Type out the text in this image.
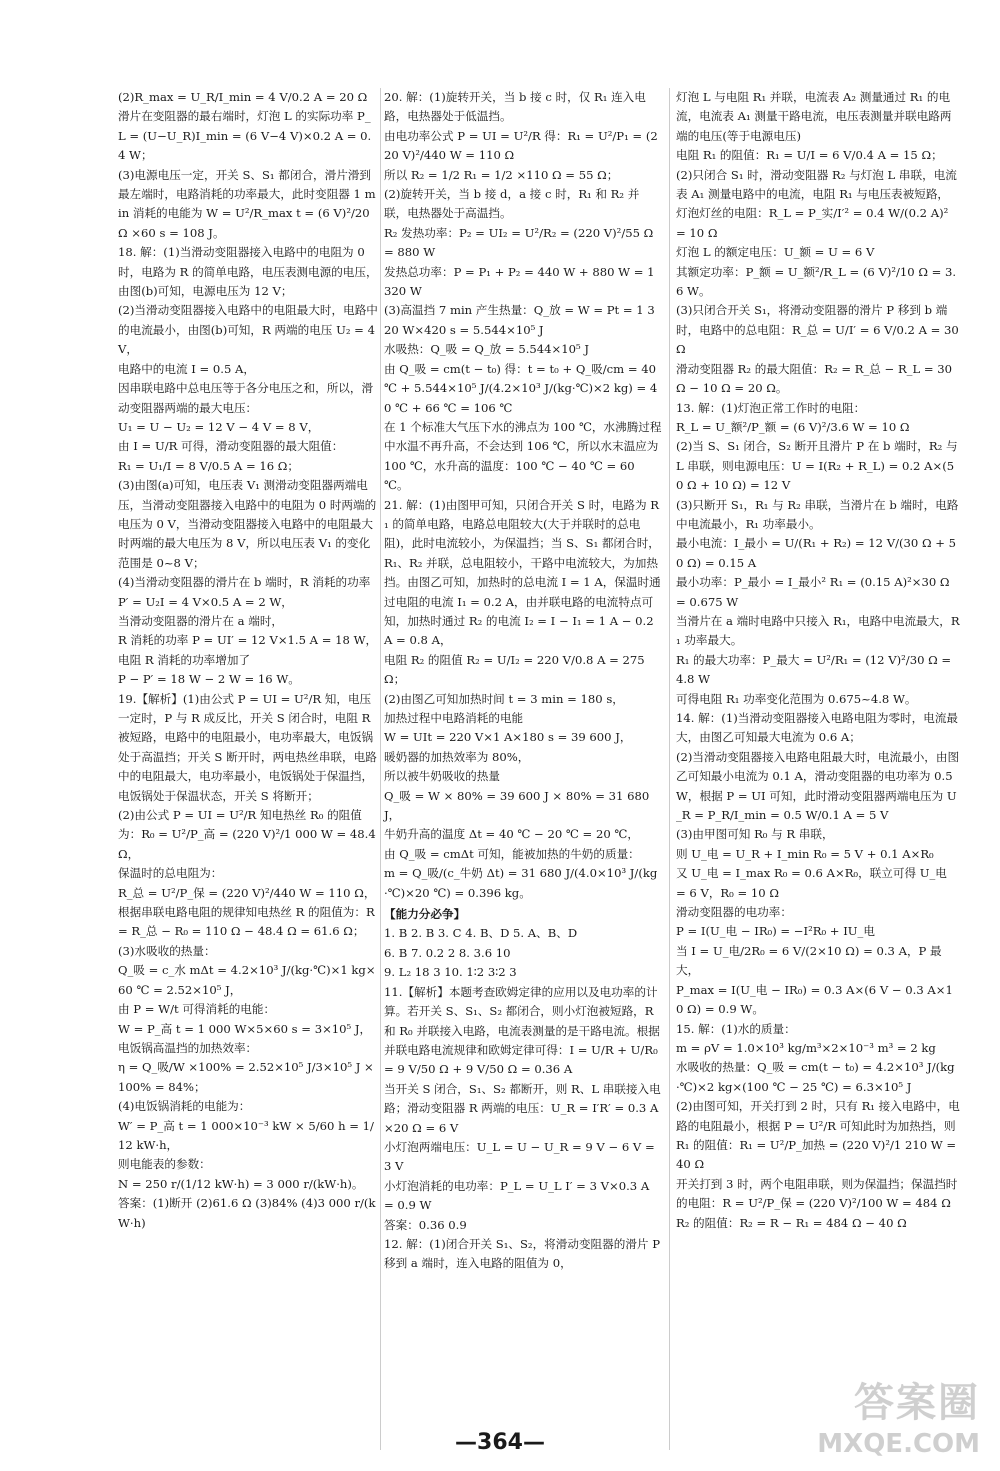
(2)R_max = U_R/I_min = 4 V/0.2 A = 20 Ω

滑片在变阻器的最右端时，灯泡 L 的实际功率 P_L = (U−U_R)I_min = (6 V−4 V)×0.2 A = 0.4 W；

(3)电源电压一定，开关 S、S₁ 都闭合，滑片滑到最左端时，电路消耗的功率最大，此时变阻器 1 min 消耗的电能为 W = U²/R_max t = (6 V)²/20 Ω ×60 s = 108 J。

18. 解：(1)当滑动变阻器接入电路中的电阻为 0 时，电路为 R 的简单电路，电压表测电源的电压，由图(b)可知，电源电压为 12 V；

(2)当滑动变阻器接入电路中的电阻最大时，电路中的电流最小，由图(b)可知，R 两端的电压 U₂ = 4 V，

电路中的电流 I = 0.5 A，

因串联电路中总电压等于各分电压之和，所以，滑动变阻器两端的最大电压：

U₁ = U − U₂ = 12 V − 4 V = 8 V，

由 I = U/R 可得，滑动变阻器的最大阻值：

R₁ = U₁/I = 8 V/0.5 A = 16 Ω；

(3)由图(a)可知，电压表 V₁ 测滑动变阻器两端电压，当滑动变阻器接入电路中的电阻为 0 时两端的电压为 0 V，当滑动变阻器接入电路中的电阻最大时两端的最大电压为 8 V，所以电压表 V₁ 的变化范围是 0~8 V；

(4)当滑动变阻器的滑片在 b 端时，R 消耗的功率 P′ = U₂I = 4 V×0.5 A = 2 W，

当滑动变阻器的滑片在 a 端时，

R 消耗的功率 P = UI′ = 12 V×1.5 A = 18 W，

电阻 R 消耗的功率增加了

P − P′ = 18 W − 2 W = 16 W。

19.【解析】(1)由公式 P = UI = U²/R 知，电压一定时，P 与 R 成反比，开关 S 闭合时，电阻 R 被短路，电路中的电阻最小，电功率最大，电饭锅处于高温挡；开关 S 断开时，两电热丝串联，电路中的电阻最大，电功率最小，电饭锅处于保温挡，电饭锅处于保温状态，开关 S 将断开；

(2)由公式 P = UI = U²/R 知电热丝 R₀ 的阻值为：R₀ = U²/P_高 = (220 V)²/1 000 W = 48.4 Ω，

保温时的总电阻为：

R_总 = U²/P_保 = (220 V)²/440 W = 110 Ω，

根据串联电路电阻的规律知电热丝 R 的阻值为：R = R_总 − R₀ = 110 Ω − 48.4 Ω = 61.6 Ω；

(3)水吸收的热量：

Q_吸 = c_水 mΔt = 4.2×10³ J/(kg·℃)×1 kg×60 ℃ = 2.52×10⁵ J，

由 P = W/t 可得消耗的电能：

W = P_高 t = 1 000 W×5×60 s = 3×10⁵ J，

电饭锅高温挡的加热效率：

η = Q_吸/W ×100% = 2.52×10⁵ J/3×10⁵ J ×100% = 84%；

(4)电饭锅消耗的电能为：

W′ = P_高 t = 1 000×10⁻³ kW × 5/60 h = 1/12 kW·h，

则电能表的参数：

N = 250 r/(1/12 kW·h) = 3 000 r/(kW·h)。

答案：(1)断开 (2)61.6 Ω (3)84% (4)3 000 r/(kW·h)

20. 解：(1)旋转开关，当 b 接 c 时，仅 R₁ 连入电路，电热器处于低温挡。

由电功率公式 P = UI = U²/R 得：R₁ = U²/P₁ = (220 V)²/440 W = 110 Ω

所以 R₂ = 1/2 R₁ = 1/2 ×110 Ω = 55 Ω；

(2)旋转开关，当 b 接 d，a 接 c 时，R₁ 和 R₂ 并联，电热器处于高温挡。

R₂ 发热功率：P₂ = UI₂ = U²/R₂ = (220 V)²/55 Ω = 880 W

发热总功率：P = P₁ + P₂ = 440 W + 880 W = 1 320 W

(3)高温挡 7 min 产生热量：Q_放 = W = Pt = 1 320 W×420 s = 5.544×10⁵ J

水吸热：Q_吸 = Q_放 = 5.544×10⁵ J

由 Q_吸 = cm(t − t₀) 得：t = t₀ + Q_吸/cm = 40 ℃ + 5.544×10⁵ J/(4.2×10³ J/(kg·℃)×2 kg) = 40 ℃ + 66 ℃ = 106 ℃

在 1 个标准大气压下水的沸点为 100 ℃，水沸腾过程中水温不再升高，不会达到 106 ℃，所以水末温应为 100 ℃，水升高的温度：100 ℃ − 40 ℃ = 60 ℃。

21. 解：(1)由图甲可知，只闭合开关 S 时，电路为 R₁ 的简单电路，电路总电阻较大(大于并联时的总电阻)，此时电流较小，为保温挡；当 S、S₁ 都闭合时，R₁、R₂ 并联，总电阻较小，干路中电流较大，为加热挡。由图乙可知，加热时的总电流 I = 1 A，保温时通过电阻的电流 I₁ = 0.2 A，由并联电路的电流特点可知，加热时通过 R₂ 的电流 I₂ = I − I₁ = 1 A − 0.2 A = 0.8 A，

电阻 R₂ 的阻值 R₂ = U/I₂ = 220 V/0.8 A = 275 Ω；

(2)由图乙可知加热时间 t = 3 min = 180 s，

加热过程中电路消耗的电能

W = UIt = 220 V×1 A×180 s = 39 600 J，

暖奶器的加热效率为 80%，

所以被牛奶吸收的热量

Q_吸 = W × 80% = 39 600 J × 80% = 31 680 J，

牛奶升高的温度 Δt = 40 ℃ − 20 ℃ = 20 ℃，

由 Q_吸 = cmΔt 可知，能被加热的牛奶的质量：

m = Q_吸/(c_牛奶 Δt) = 31 680 J/(4.0×10³ J/(kg·℃)×20 ℃) = 0.396 kg。

【能力分必争】

1. B 2. B 3. C 4. B、D 5. A、B、D

6. B 7. 0.2 2 8. 3.6 10

9. L₂ 18 3 10. 1∶2 3∶2 3

11.【解析】本题考查欧姆定律的应用以及电功率的计算。若开关 S、S₁、S₂ 都闭合，则小灯泡被短路，R 和 R₀ 并联接入电路，电流表测量的是干路电流。根据并联电路电流规律和欧姆定律可得：I = U/R + U/R₀ = 9 V/50 Ω + 9 V/50 Ω = 0.36 A

当开关 S 闭合，S₁、S₂ 都断开，则 R、L 串联接入电路；滑动变阻器 R 两端的电压：U_R = I′R′ = 0.3 A×20 Ω = 6 V

小灯泡两端电压：U_L = U − U_R = 9 V − 6 V = 3 V

小灯泡消耗的电功率：P_L = U_L I′ = 3 V×0.3 A = 0.9 W

答案：0.36 0.9

12. 解：(1)闭合开关 S₁、S₂，将滑动变阻器的滑片 P 移到 a 端时，连入电路的阻值为 0，

灯泡 L 与电阻 R₁ 并联，电流表 A₂ 测量通过 R₁ 的电流，电流表 A₁ 测量干路电流，电压表测量并联电路两端的电压(等于电源电压)

电阻 R₁ 的阻值：R₁ = U/I = 6 V/0.4 A = 15 Ω；

(2)只闭合 S₁ 时，滑动变阻器 R₂ 与灯泡 L 串联，电流表 A₁ 测量电路中的电流，电阻 R₁ 与电压表被短路，

灯泡灯丝的电阻：R_L = P_实/I′² = 0.4 W/(0.2 A)² = 10 Ω

灯泡 L 的额定电压：U_额 = U = 6 V

其额定功率：P_额 = U_额²/R_L = (6 V)²/10 Ω = 3.6 W。

(3)只闭合开关 S₁，将滑动变阻器的滑片 P 移到 b 端时，电路中的总电阻：R_总 = U/I′ = 6 V/0.2 A = 30 Ω

滑动变阻器 R₂ 的最大阻值：R₂ = R_总 − R_L = 30 Ω − 10 Ω = 20 Ω。

13. 解：(1)灯泡正常工作时的电阻：

R_L = U_额²/P_额 = (6 V)²/3.6 W = 10 Ω

(2)当 S、S₁ 闭合，S₂ 断开且滑片 P 在 b 端时，R₂ 与 L 串联，则电源电压：U = I(R₂ + R_L) = 0.2 A×(50 Ω + 10 Ω) = 12 V

(3)只断开 S₁，R₁ 与 R₂ 串联，当滑片在 b 端时，电路中电流最小，R₁ 功率最小。

最小电流：I_最小 = U/(R₁ + R₂) = 12 V/(30 Ω + 50 Ω) = 0.15 A

最小功率：P_最小 = I_最小² R₁ = (0.15 A)²×30 Ω = 0.675 W

当滑片在 a 端时电路中只接入 R₁，电路中电流最大，R₁ 功率最大。

R₁ 的最大功率：P_最大 = U²/R₁ = (12 V)²/30 Ω = 4.8 W

可得电阻 R₁ 功率变化范围为 0.675~4.8 W。

14. 解：(1)当滑动变阻器接入电路电阻为零时，电流最大，由图乙可知最大电流为 0.6 A；

(2)当滑动变阻器接入电路电阻最大时，电流最小，由图乙可知最小电流为 0.1 A，滑动变阻器的电功率为 0.5 W，根据 P = UI 可知，此时滑动变阻器两端电压为 U_R = P_R/I_min = 0.5 W/0.1 A = 5 V

(3)由甲图可知 R₀ 与 R 串联，

则 U_电 = U_R + I_min R₀ = 5 V + 0.1 A×R₀

又 U_电 = I_max R₀ = 0.6 A×R₀，联立可得 U_电 = 6 V，R₀ = 10 Ω

滑动变阻器的电功率：

P = I(U_电 − IR₀) = −I²R₀ + IU_电

当 I = U_电/2R₀ = 6 V/(2×10 Ω) = 0.3 A，P 最大，

P_max = I(U_电 − IR₀) = 0.3 A×(6 V − 0.3 A×10 Ω) = 0.9 W。

15. 解：(1)水的质量：

m = ρV = 1.0×10³ kg/m³×2×10⁻³ m³ = 2 kg

水吸收的热量：Q_吸 = cm(t − t₀) = 4.2×10³ J/(kg·℃)×2 kg×(100 ℃ − 25 ℃) = 6.3×10⁵ J

(2)由图可知，开关打到 2 时，只有 R₁ 接入电路中，电路的电阻最小，根据 P = U²/R 可知此时为加热挡，则 R₁ 的阻值：R₁ = U²/P_加热 = (220 V)²/1 210 W = 40 Ω

开关打到 3 时，两个电阻串联，则为保温挡；保温挡时的电阻：R = U²/P_保 = (220 V)²/100 W = 484 Ω

R₂ 的阻值：R₂ = R − R₁ = 484 Ω − 40 Ω

—364—
答案圈
MXQE.COM
